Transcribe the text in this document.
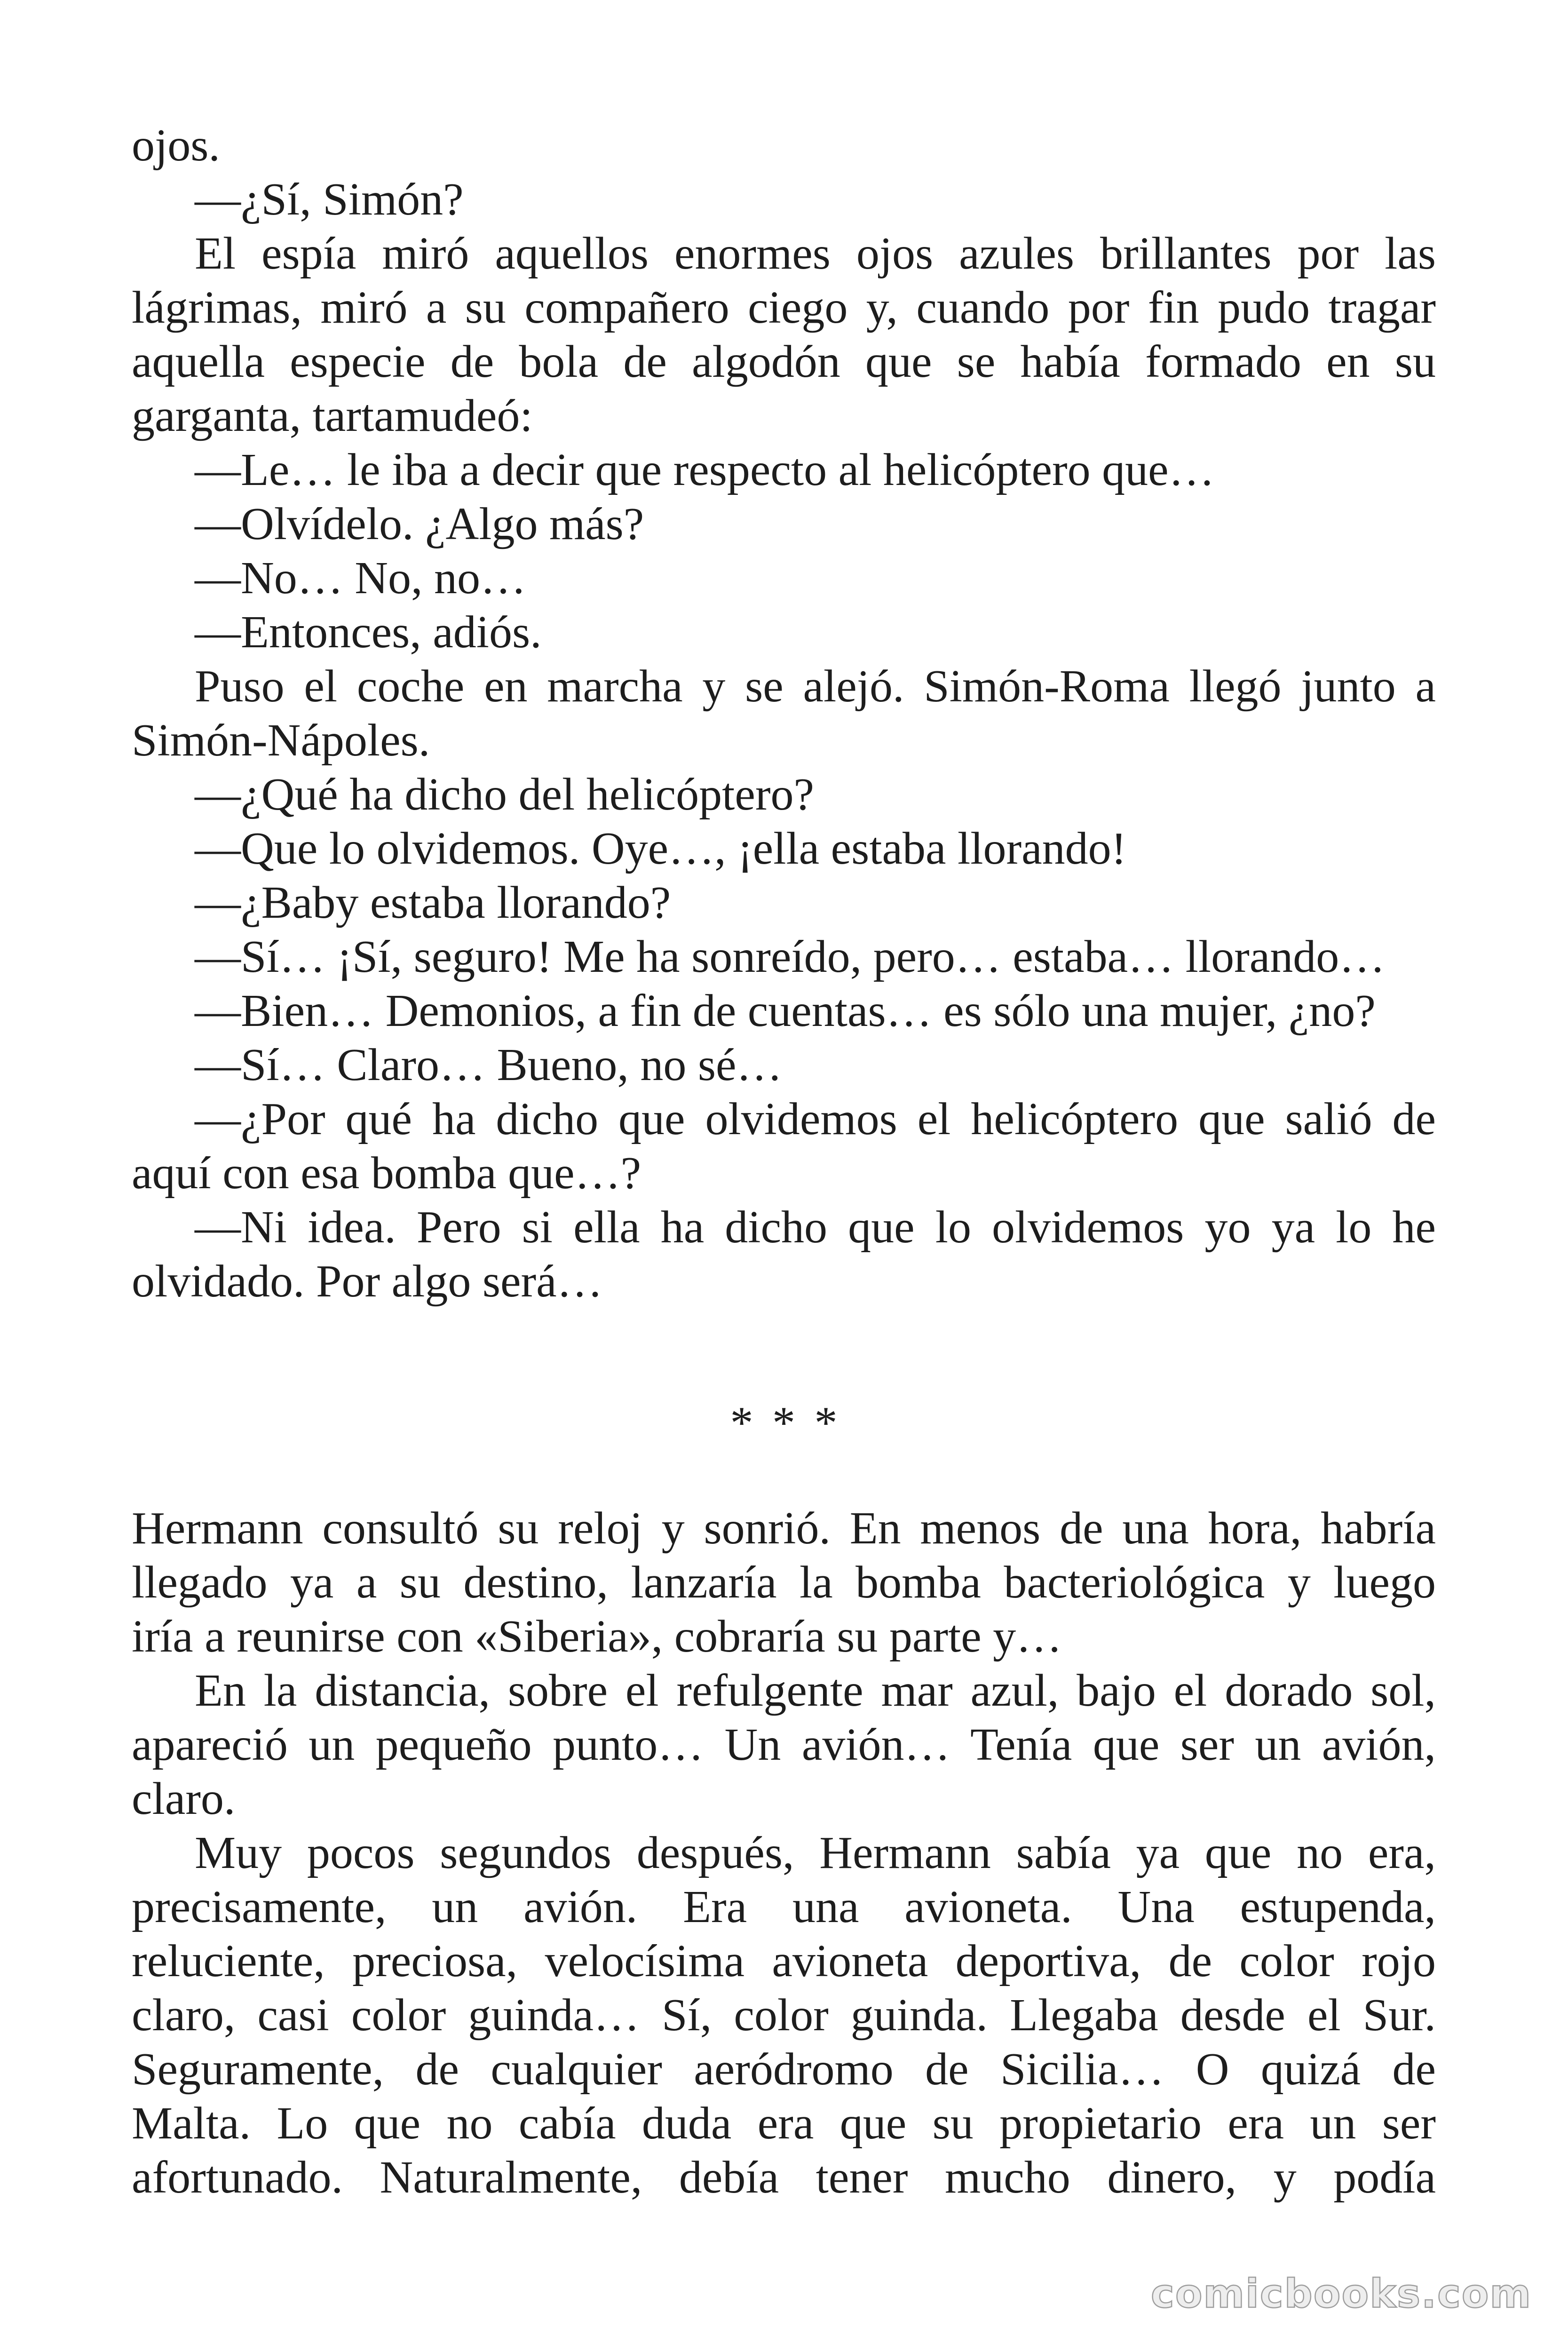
ojos.
—¿Sí, Simón?
El espía miró aquellos enormes ojos azules brillantes por las
lágrimas, miró a su compañero ciego y, cuando por fin pudo tragar
aquella especie de bola de algodón que se había formado en su
garganta, tartamudeó:
—Le… le iba a decir que respecto al helicóptero que…
—Olvídelo. ¿Algo más?
—No… No, no…
—Entonces, adiós.
Puso el coche en marcha y se alejó. Simón-Roma llegó junto a
Simón-Nápoles.
—¿Qué ha dicho del helicóptero?
—Que lo olvidemos. Oye…, ¡ella estaba llorando!
—¿Baby estaba llorando?
—Sí… ¡Sí, seguro! Me ha sonreído, pero… estaba… llorando…
—Bien… Demonios, a fin de cuentas… es sólo una mujer, ¿no?
—Sí… Claro… Bueno, no sé…
—¿Por qué ha dicho que olvidemos el helicóptero que salió de
aquí con esa bomba que…?
—Ni idea. Pero si ella ha dicho que lo olvidemos yo ya lo he
olvidado. Por algo será…
* * *
Hermann consultó su reloj y sonrió. En menos de una hora, habría
llegado ya a su destino, lanzaría la bomba bacteriológica y luego
iría a reunirse con «Siberia», cobraría su parte y…
En la distancia, sobre el refulgente mar azul, bajo el dorado sol,
apareció un pequeño punto… Un avión… Tenía que ser un avión,
claro.
Muy pocos segundos después, Hermann sabía ya que no era,
precisamente, un avión. Era una avioneta. Una estupenda,
reluciente, preciosa, velocísima avioneta deportiva, de color rojo
claro, casi color guinda… Sí, color guinda. Llegaba desde el Sur.
Seguramente, de cualquier aeródromo de Sicilia… O quizá de
Malta. Lo que no cabía duda era que su propietario era un ser
afortunado. Naturalmente, debía tener mucho dinero, y podía
comicbooks.com
